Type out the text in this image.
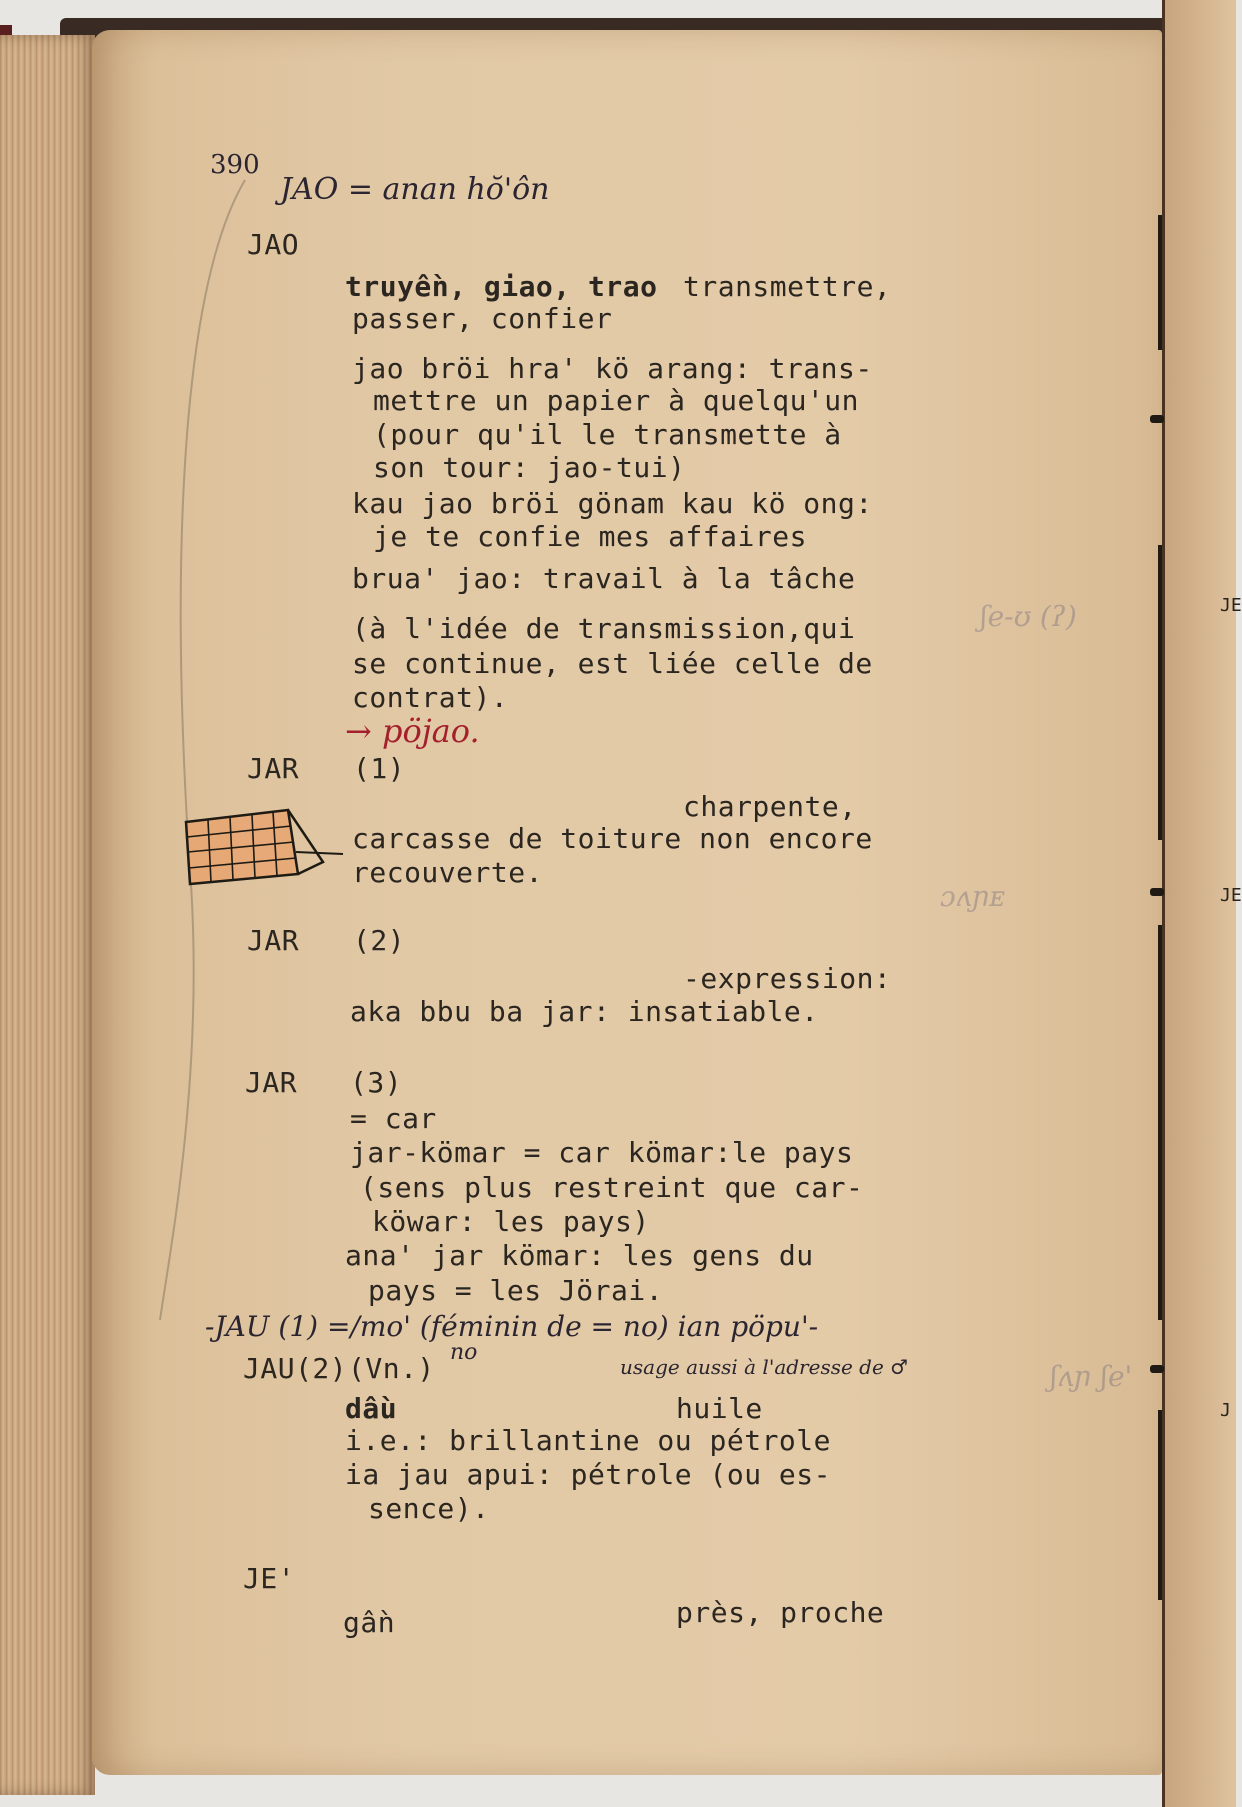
JE
JE
J
ʃe-ʊ (ʔ)
ɔʌɲᴇ
ʃʌɲ ʃe'
390
JAO = anan hŏ'ôn
JAO
truyền, giao, trao transmettre,
passer, confier
jao bröi hra' kö arang: trans-
mettre un papier à quelqu'un
(pour qu'il le transmette à
son tour: jao-tui)
kau jao bröi gönam kau kö ong:
je te confie mes affaires
brua' jao: travail à la tâche
(à l'idée de transmission,qui
se continue, est liée celle de
contrat).
→ pöjao.
JAR (1)
charpente,
carcasse de toiture non encore
recouverte.
JAR (2)
-expression:
aka bbu ba jar: insatiable.
JAR (3)
= car
jar-kömar = car kömar:le pays
(sens plus restreint que car-
köwar: les pays)
ana' jar kömar: les gens du
pays = les Jörai.
-JAU (1) =/mo' (féminin de = no) ian pöpu'-
JAU(2) (Vn.) no
usage aussi à l'adresse de ♂
dầu	huile
i.e.: brillantine ou pétrole
ia jau apui: pétrole (ou es-
sence).
JE'
gần	près, proche
